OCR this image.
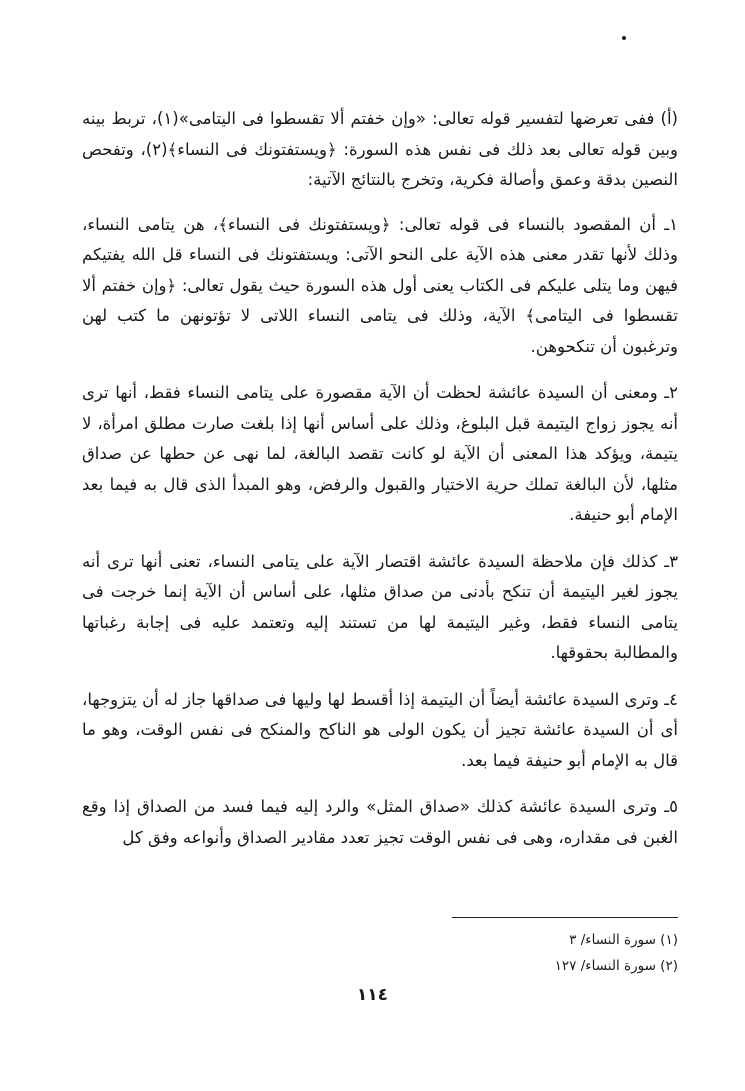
(أ) ففى تعرضها لتفسير قوله تعالى: «وإن خفتم ألا تقسطوا فى اليتامى»(١)، تربط بينه وبين قوله تعالى بعد ذلك فى نفس هذه السورة: ﴿ويستفتونك فى النساء﴾(٢)، وتفحص النصين بدقة وعمق وأصالة فكرية، وتخرج بالنتائج الآتية:

١ـ أن المقصود بالنساء فى قوله تعالى: ﴿ويستفتونك فى النساء﴾، هن يتامى النساء، وذلك لأنها تقدر معنى هذه الآية على النحو الآتى: ويستفتونك فى النساء قل الله يفتيكم فيهن وما يتلى عليكم فى الكتاب يعنى أول هذه السورة حيث يقول تعالى: ﴿وإن خفتم ألا تقسطوا فى اليتامى﴾ الآية، وذلك فى يتامى النساء اللاتى لا تؤتونهن ما كتب لهن وترغبون أن تنكحوهن.

٢ـ ومعنى أن السيدة عائشة لحظت أن الآية مقصورة على يتامى النساء فقط، أنها ترى أنه يجوز زواج اليتيمة قبل البلوغ، وذلك على أساس أنها إذا بلغت صارت مطلق امرأة، لا يتيمة، ويؤكد هذا المعنى أن الآية لو كانت تقصد البالغة، لما نهى عن حطها عن صداق مثلها، لأن البالغة تملك حرية الاختيار والقبول والرفض، وهو المبدأ الذى قال به فيما بعد الإمام أبو حنيفة.

٣ـ كذلك فإن ملاحظة السيدة عائشة اقتصار الآية على يتامى النساء، تعنى أنها ترى أنه يجوز لغير اليتيمة أن تنكح بأدنى من صداق مثلها، على أساس أن الآية إنما خرجت فى يتامى النساء فقط، وغير اليتيمة لها من تستند إليه وتعتمد عليه فى إجابة رغباتها والمطالبة بحقوقها.

٤ـ وترى السيدة عائشة أيضاً أن اليتيمة إذا أقسط لها وليها فى صداقها جاز له أن يتزوجها، أى أن السيدة عائشة تجيز أن يكون الولى هو الناكح والمنكح فى نفس الوقت، وهو ما قال به الإمام أبو حنيفة فيما بعد.

٥ـ وترى السيدة عائشة كذلك «صداق المثل» والرد إليه فيما فسد من الصداق إذا وقع الغبن فى مقداره، وهى فى نفس الوقت تجيز تعدد مقادير الصداق وأنواعه وفق كل

(١) سورة النساء/ ٣
(٢) سورة النساء/ ١٢٧
١١٤
